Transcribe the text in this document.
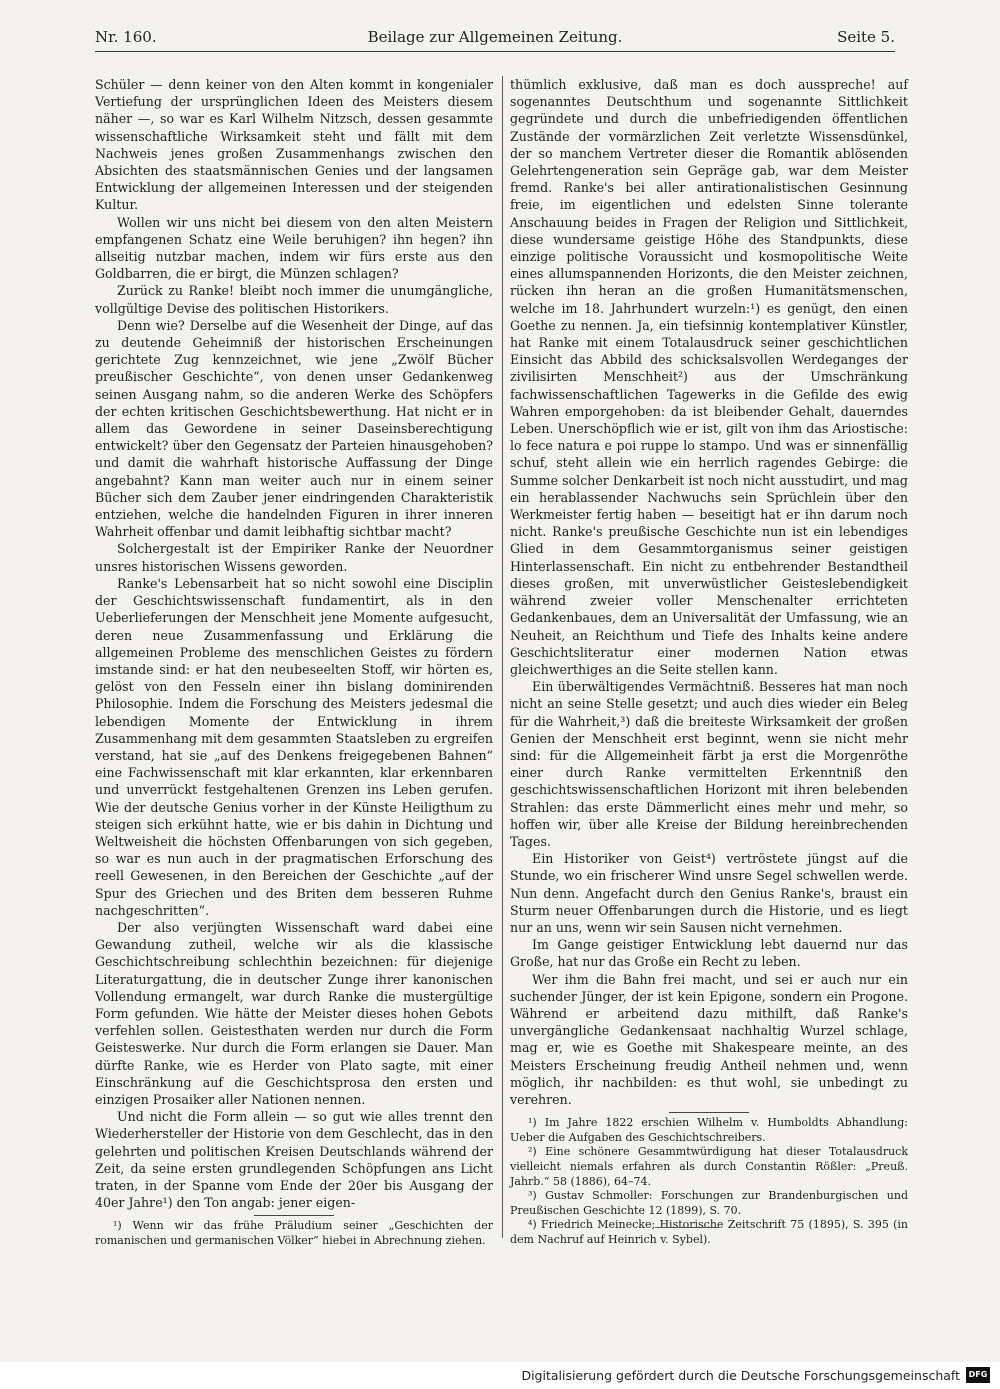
Nr. 160.	Beilage zur Allgemeinen Zeitung.	Seite 5.

Schüler — denn keiner von den Alten kommt in kongenialer Vertiefung der ursprünglichen Ideen des Meisters diesem näher —, so war es Karl Wilhelm Nitzsch, dessen gesammte wissenschaftliche Wirksamkeit steht und fällt mit dem Nachweis jenes großen Zusammenhangs zwischen den Absichten des staatsmännischen Genies und der langsamen Entwicklung der allgemeinen Interessen und der steigenden Kultur.

Wollen wir uns nicht bei diesem von den alten Meistern empfangenen Schatz eine Weile beruhigen? ihn hegen? ihn allseitig nutzbar machen, indem wir fürs erste aus den Goldbarren, die er birgt, die Münzen schlagen?

Zurück zu Ranke! bleibt noch immer die unumgängliche, vollgültige Devise des politischen Historikers.

Denn wie? Derselbe auf die Wesenheit der Dinge, auf das zu deutende Geheimniß der historischen Erscheinungen gerichtete Zug kennzeichnet, wie jene „Zwölf Bücher preußischer Geschichte“, von denen unser Gedankenweg seinen Ausgang nahm, so die anderen Werke des Schöpfers der echten kritischen Geschichtsbewerthung. Hat nicht er in allem das Gewordene in seiner Daseinsberechtigung entwickelt? über den Gegensatz der Parteien hinausgehoben? und damit die wahrhaft historische Auffassung der Dinge angebahnt? Kann man weiter auch nur in einem seiner Bücher sich dem Zauber jener eindringenden Charakteristik entziehen, welche die handelnden Figuren in ihrer inneren Wahrheit offenbar und damit leibhaftig sichtbar macht?

Solchergestalt ist der Empiriker Ranke der Neuordner unsres historischen Wissens geworden.

Ranke's Lebensarbeit hat so nicht sowohl eine Disciplin der Geschichtswissenschaft fundamentirt, als in den Ueberlieferungen der Menschheit jene Momente aufgesucht, deren neue Zusammenfassung und Erklärung die allgemeinen Probleme des menschlichen Geistes zu fördern imstande sind: er hat den neubeseelten Stoff, wir hörten es, gelöst von den Fesseln einer ihn bislang dominirenden Philosophie. Indem die Forschung des Meisters jedesmal die lebendigen Momente der Entwicklung in ihrem Zusammenhang mit dem gesammten Staatsleben zu ergreifen verstand, hat sie „auf des Denkens freigegebenen Bahnen“ eine Fachwissenschaft mit klar erkannten, klar erkennbaren und unverrückt festgehaltenen Grenzen ins Leben gerufen. Wie der deutsche Genius vorher in der Künste Heiligthum zu steigen sich erkühnt hatte, wie er bis dahin in Dichtung und Weltweisheit die höchsten Offenbarungen von sich gegeben, so war es nun auch in der pragmatischen Erforschung des reell Gewesenen, in den Bereichen der Geschichte „auf der Spur des Griechen und des Briten dem besseren Ruhme nachgeschritten“.

Der also verjüngten Wissenschaft ward dabei eine Gewandung zutheil, welche wir als die klassische Geschichtschreibung schlechthin bezeichnen: für diejenige Literaturgattung, die in deutscher Zunge ihrer kanonischen Vollendung ermangelt, war durch Ranke die mustergültige Form gefunden. Wie hätte der Meister dieses hohen Gebots verfehlen sollen. Geistesthaten werden nur durch die Form Geisteswerke. Nur durch die Form erlangen sie Dauer. Man dürfte Ranke, wie es Herder von Plato sagte, mit einer Einschränkung auf die Geschichtsprosa den ersten und einzigen Prosaiker aller Nationen nennen.

Und nicht die Form allein — so gut wie alles trennt den Wiederhersteller der Historie von dem Geschlecht, das in den gelehrten und politischen Kreisen Deutschlands während der Zeit, da seine ersten grundlegenden Schöpfungen ans Licht traten, in der Spanne vom Ende der 20er bis Ausgang der 40er Jahre¹) den Ton angab: jener eigen-

¹) Wenn wir das frühe Präludium seiner „Geschichten der romanischen und germanischen Völker“ hiebei in Abrechnung ziehen.

thümlich exklusive, daß man es doch ausspreche! auf sogenanntes Deutschthum und sogenannte Sittlichkeit gegründete und durch die unbefriedigenden öffentlichen Zustände der vormärzlichen Zeit verletzte Wissensdünkel, der so manchem Vertreter dieser die Romantik ablösenden Gelehrtengeneration sein Gepräge gab, war dem Meister fremd. Ranke's bei aller antirationalistischen Gesinnung freie, im eigentlichen und edelsten Sinne tolerante Anschauung beides in Fragen der Religion und Sittlichkeit, diese wundersame geistige Höhe des Standpunkts, diese einzige politische Voraussicht und kosmopolitische Weite eines allumspannenden Horizonts, die den Meister zeichnen, rücken ihn heran an die großen Humanitätsmenschen, welche im 18. Jahrhundert wurzeln:¹) es genügt, den einen Goethe zu nennen. Ja, ein tiefsinnig kontemplativer Künstler, hat Ranke mit einem Totalausdruck seiner geschichtlichen Einsicht das Abbild des schicksalsvollen Werdeganges der zivilisirten Menschheit²) aus der Umschränkung fachwissenschaftlichen Tagewerks in die Gefilde des ewig Wahren emporgehoben: da ist bleibender Gehalt, dauerndes Leben. Unerschöpflich wie er ist, gilt von ihm das Ariostische: lo fece natura e poi ruppe lo stampo. Und was er sinnenfällig schuf, steht allein wie ein herrlich ragendes Gebirge: die Summe solcher Denkarbeit ist noch nicht ausstudirt, und mag ein herablassender Nachwuchs sein Sprüchlein über den Werkmeister fertig haben — beseitigt hat er ihn darum noch nicht. Ranke's preußische Geschichte nun ist ein lebendiges Glied in dem Gesammtorganismus seiner geistigen Hinterlassenschaft. Ein nicht zu entbehrender Bestandtheil dieses großen, mit unverwüstlicher Geisteslebendigkeit während zweier voller Menschenalter errichteten Gedankenbaues, dem an Universalität der Umfassung, wie an Neuheit, an Reichthum und Tiefe des Inhalts keine andere Geschichtsliteratur einer modernen Nation etwas gleichwerthiges an die Seite stellen kann.

Ein überwältigendes Vermächtniß. Besseres hat man noch nicht an seine Stelle gesetzt; und auch dies wieder ein Beleg für die Wahrheit,³) daß die breiteste Wirksamkeit der großen Genien der Menschheit erst beginnt, wenn sie nicht mehr sind: für die Allgemeinheit färbt ja erst die Morgenröthe einer durch Ranke vermittelten Erkenntniß den geschichtswissenschaftlichen Horizont mit ihren belebenden Strahlen: das erste Dämmerlicht eines mehr und mehr, so hoffen wir, über alle Kreise der Bildung hereinbrechenden Tages.

Ein Historiker von Geist⁴) vertröstete jüngst auf die Stunde, wo ein frischerer Wind unsre Segel schwellen werde. Nun denn. Angefacht durch den Genius Ranke's, braust ein Sturm neuer Offenbarungen durch die Historie, und es liegt nur an uns, wenn wir sein Sausen nicht vernehmen.

Im Gange geistiger Entwicklung lebt dauernd nur das Große, hat nur das Große ein Recht zu leben.

Wer ihm die Bahn frei macht, und sei er auch nur ein suchender Jünger, der ist kein Epigone, sondern ein Progone. Während er arbeitend dazu mithilft, daß Ranke's unvergängliche Gedankensaat nachhaltig Wurzel schlage, mag er, wie es Goethe mit Shakespeare meinte, an des Meisters Erscheinung freudig Antheil nehmen und, wenn möglich, ihr nachbilden: es thut wohl, sie unbedingt zu verehren.

¹) Im Jahre 1822 erschien Wilhelm v. Humboldts Abhandlung: Ueber die Aufgaben des Geschichtschreibers.

²) Eine schönere Gesammtwürdigung hat dieser Totalausdruck vielleicht niemals erfahren als durch Constantin Rößler: „Preuß. Jahrb.“ 58 (1886), 64–74.

³) Gustav Schmoller: Forschungen zur Brandenburgischen und Preußischen Geschichte 12 (1899), S. 70.

⁴) Friedrich Meinecke; Historische Zeitschrift 75 (1895), S. 395 (in dem Nachruf auf Heinrich v. Sybel).

Digitalisierung gefördert durch die Deutsche Forschungsgemeinschaft	DFG
